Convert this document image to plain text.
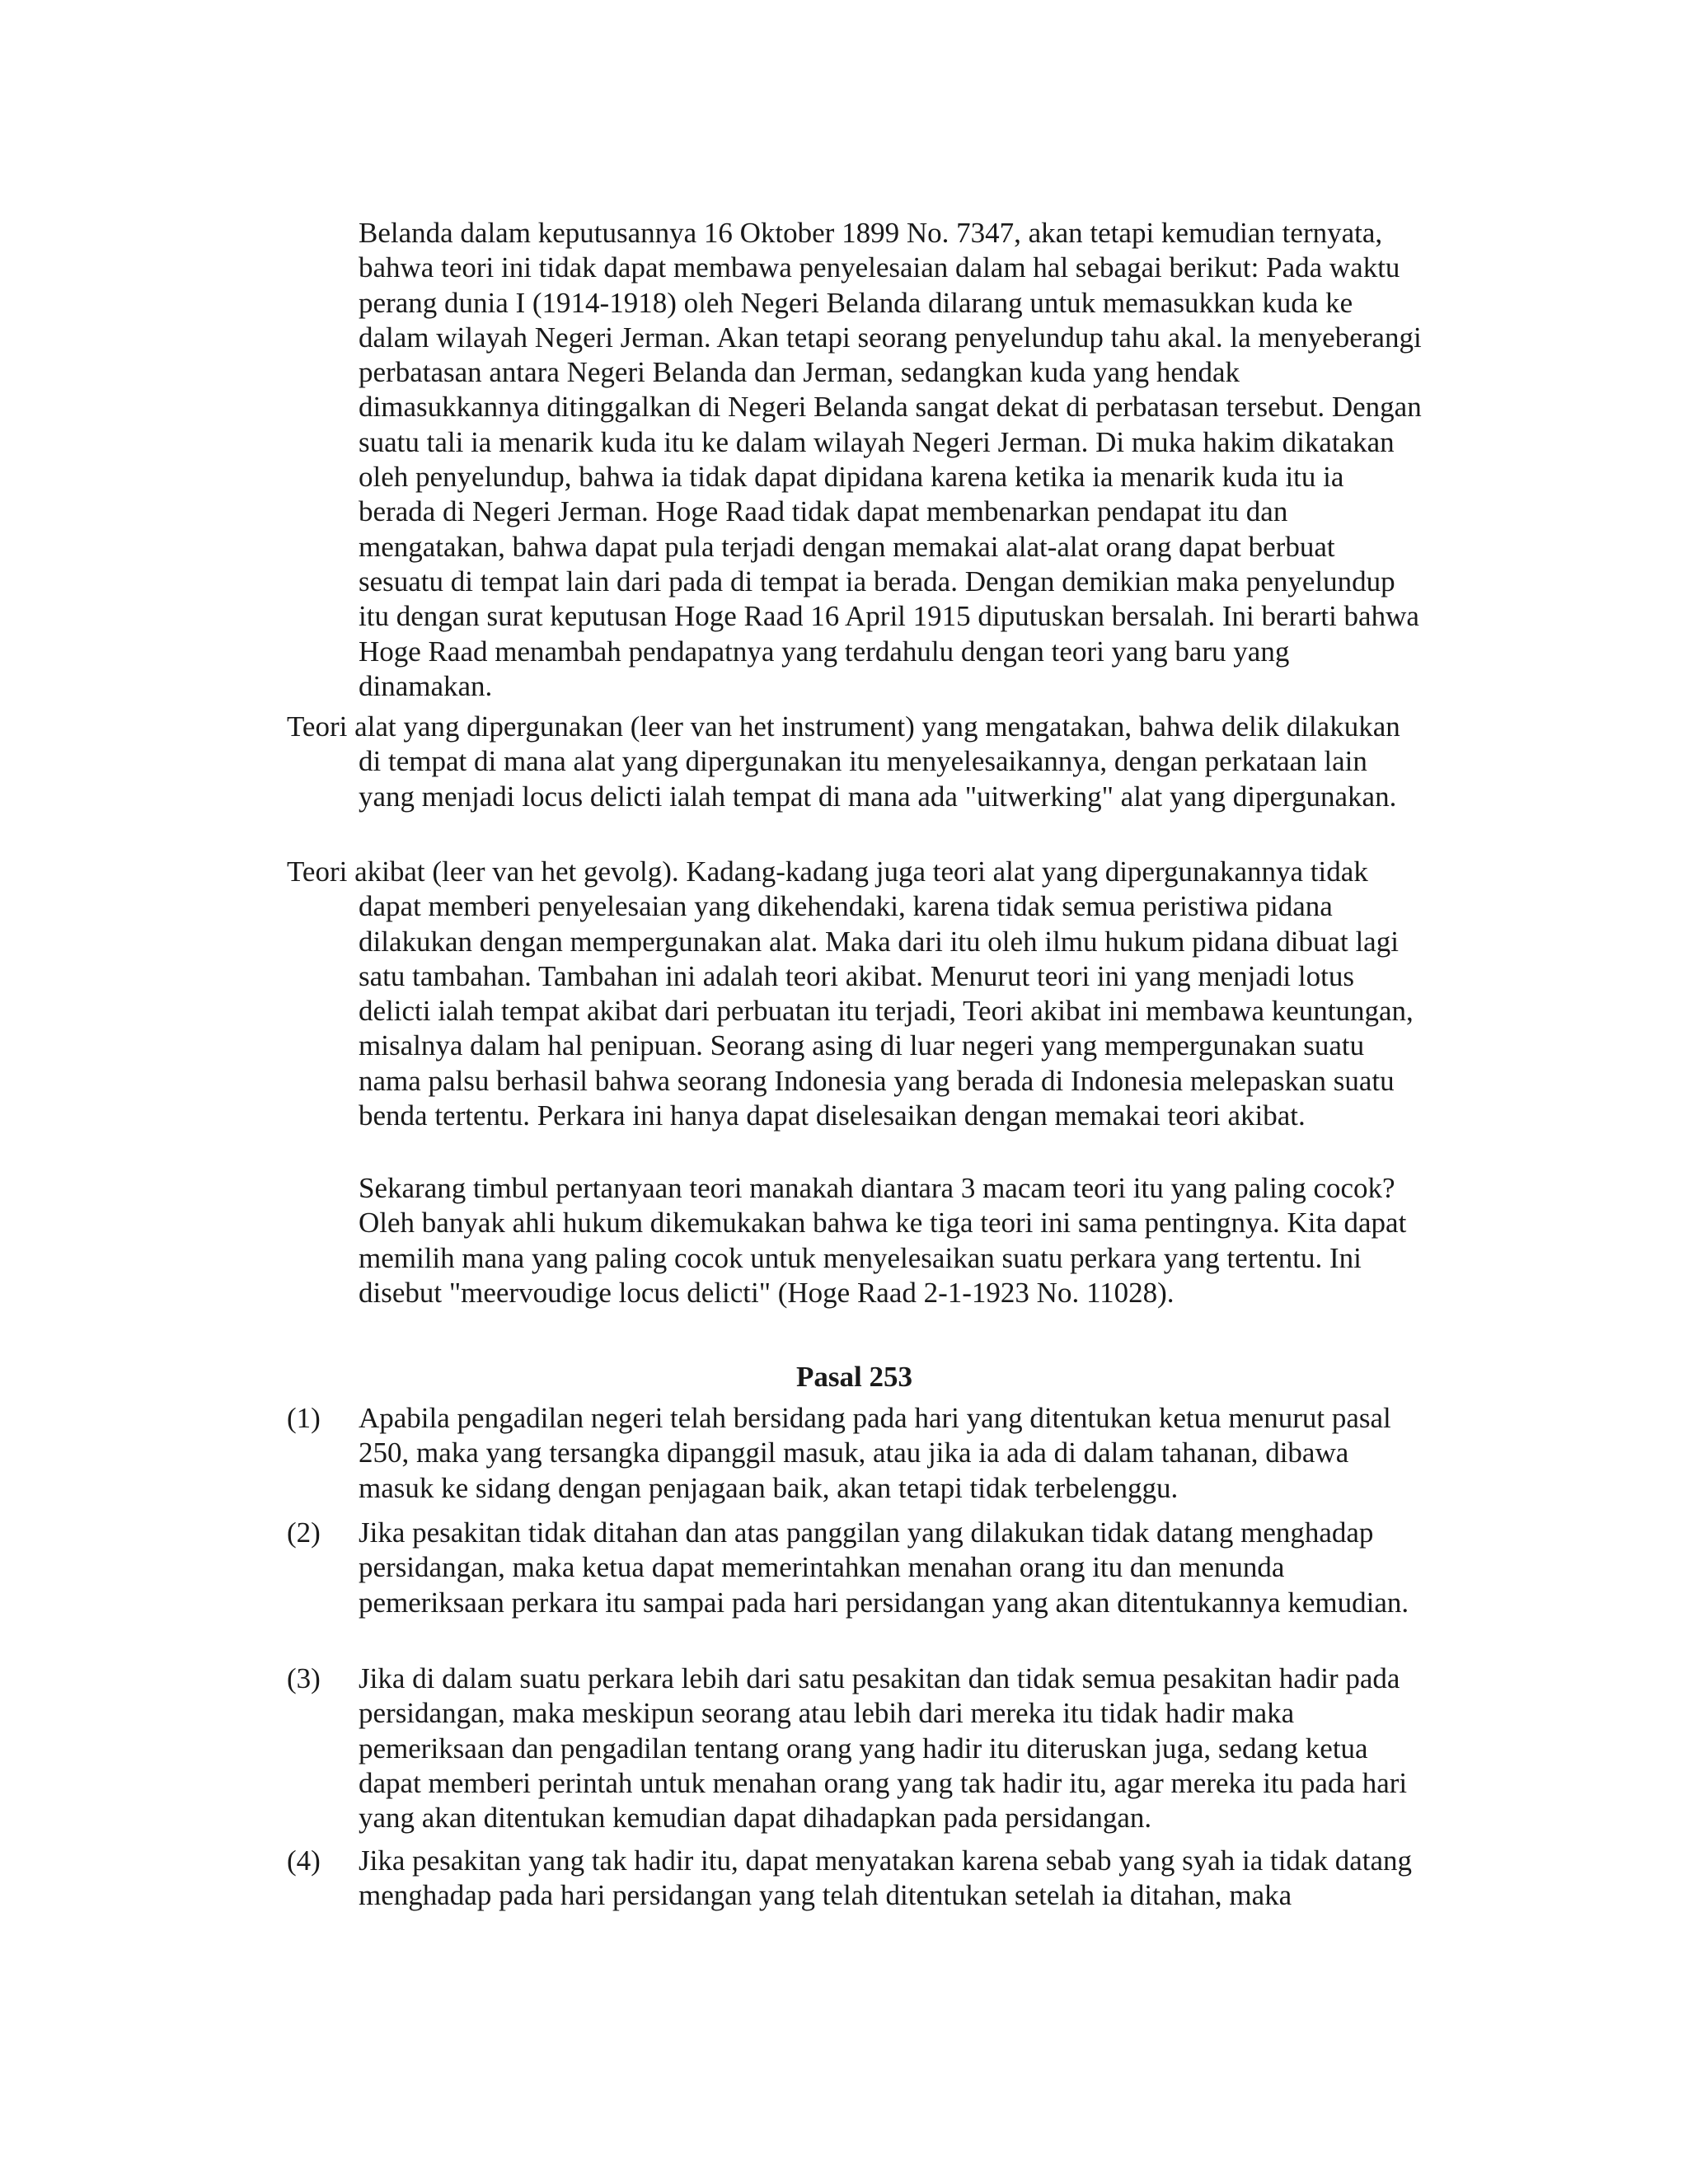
Belanda dalam keputusannya 16 Oktober 1899 No. 7347, akan tetapi kemudian ternyata, bahwa teori ini tidak dapat membawa penyelesaian dalam hal sebagai berikut: Pada waktu perang dunia I (1914-1918) oleh Negeri Belanda dilarang untuk memasukkan kuda ke dalam wilayah Negeri Jerman. Akan tetapi seorang penyelundup tahu akal. la menyeberangi perbatasan antara Negeri Belanda dan Jerman, sedangkan kuda yang hendak dimasukkannya ditinggalkan di Negeri Belanda sangat dekat di perbatasan tersebut. Dengan suatu tali ia menarik kuda itu ke dalam wilayah Negeri Jerman. Di muka hakim dikatakan oleh penyelundup, bahwa ia tidak dapat dipidana karena ketika ia menarik kuda itu ia berada di Negeri Jerman. Hoge Raad tidak dapat membenarkan pendapat itu dan mengatakan, bahwa dapat pula terjadi dengan memakai alat-alat orang dapat berbuat sesuatu di tempat lain dari pada di tempat ia berada. Dengan demikian maka penyelundup itu dengan surat keputusan Hoge Raad 16 April 1915 diputuskan bersalah. Ini berarti bahwa Hoge Raad menambah pendapatnya yang terdahulu dengan teori yang baru yang dinamakan.

Teori alat yang dipergunakan (leer van het instrument) yang mengatakan, bahwa delik dilakukan di tempat di mana alat yang dipergunakan itu menyelesaikannya, dengan perkataan lain yang menjadi locus delicti ialah tempat di mana ada "uitwerking" alat yang dipergunakan.

Teori akibat (leer van het gevolg). Kadang-kadang juga teori alat yang dipergunakannya tidak dapat memberi penyelesaian yang dikehendaki, karena tidak semua peristiwa pidana dilakukan dengan mempergunakan alat. Maka dari itu oleh ilmu hukum pidana dibuat lagi satu tambahan. Tambahan ini adalah teori akibat. Menurut teori ini yang menjadi lotus delicti ialah tempat akibat dari perbuatan itu terjadi, Teori akibat ini membawa keuntungan, misalnya dalam hal penipuan. Seorang asing di luar negeri yang mempergunakan suatu nama palsu berhasil bahwa seorang Indonesia yang berada di Indonesia melepaskan suatu benda tertentu. Perkara ini hanya dapat diselesaikan dengan memakai teori akibat.

Sekarang timbul pertanyaan teori manakah diantara 3 macam teori itu yang paling cocok? Oleh banyak ahli hukum dikemukakan bahwa ke tiga teori ini sama pentingnya. Kita dapat memilih mana yang paling cocok untuk menyelesaikan suatu perkara yang tertentu. Ini disebut "meervoudige locus delicti" (Hoge Raad 2-1-1923 No. 11028).

Pasal 253
(1)	Apabila pengadilan negeri telah bersidang pada hari yang ditentukan ketua menurut pasal 250, maka yang tersangka dipanggil masuk, atau jika ia ada di dalam tahanan, dibawa masuk ke sidang dengan penjagaan baik, akan tetapi tidak terbelenggu.
(2)	Jika pesakitan tidak ditahan dan atas panggilan yang dilakukan tidak datang menghadap persidangan, maka ketua dapat memerintahkan menahan orang itu dan menunda pemeriksaan perkara itu sampai pada hari persidangan yang akan ditentukannya kemudian.
(3)	Jika di dalam suatu perkara lebih dari satu pesakitan dan tidak semua pesakitan hadir pada persidangan, maka meskipun seorang atau lebih dari mereka itu tidak hadir maka pemeriksaan dan pengadilan tentang orang yang hadir itu diteruskan juga, sedang ketua dapat memberi perintah untuk menahan orang yang tak hadir itu, agar mereka itu pada hari yang akan ditentukan kemudian dapat dihadapkan pada persidangan.
(4)	Jika pesakitan yang tak hadir itu, dapat menyatakan karena sebab yang syah ia tidak datang menghadap pada hari persidangan yang telah ditentukan setelah ia ditahan, maka
